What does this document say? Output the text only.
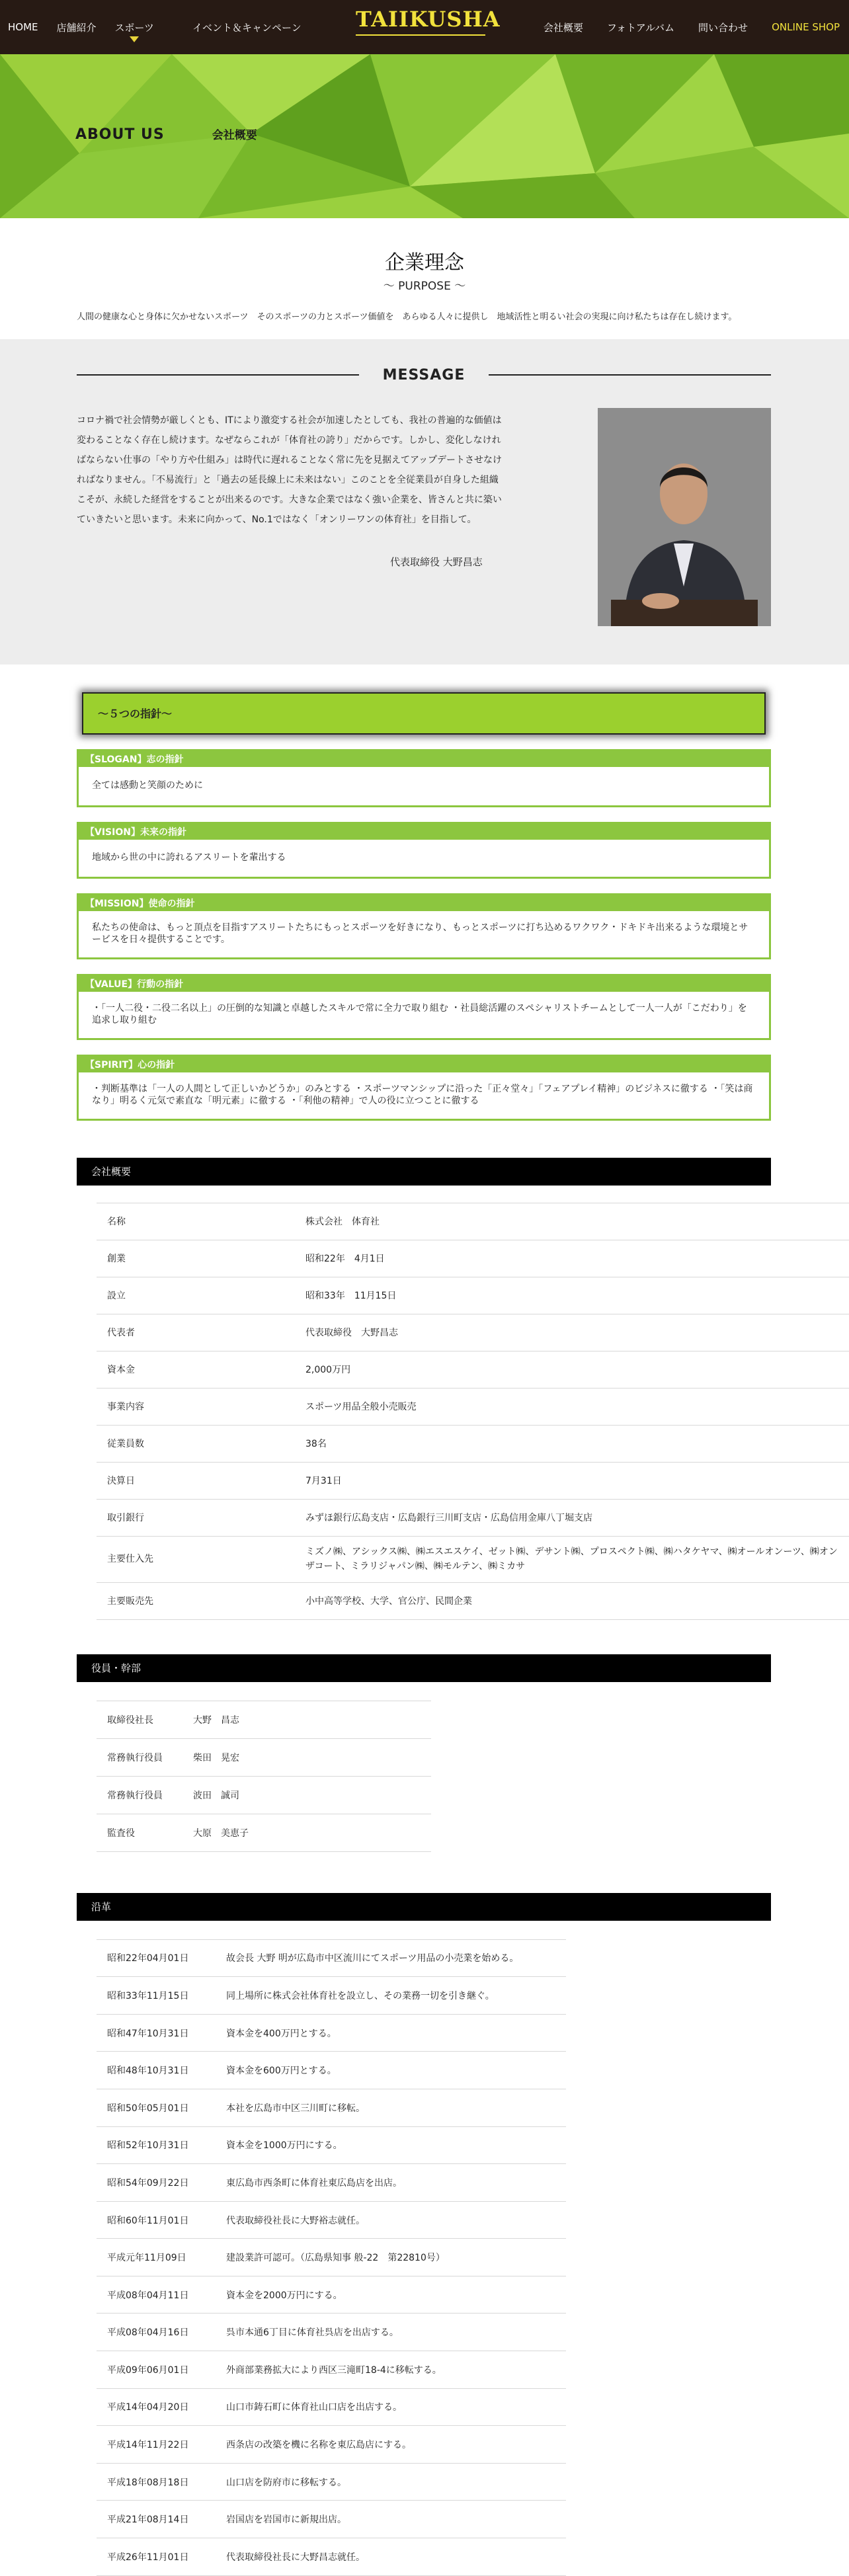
HOME 店舗紹介 スポーツ	イベント＆キャンペーン	TAIIKUSHA	会社概要 フォトアルバム 問い合わせ ONLINE SHOP
ABOUT US	会社概要
企業理念
〜 PURPOSE 〜

人間の健康な心と身体に欠かせないスポーツ　そのスポーツの力とスポーツ価値を　あらゆる人々に提供し　地域活性と明るい社会の実現に向け私たちは存在し続けます。

MESSAGE
コロナ禍で社会情勢が厳しくとも、ITにより激変する社会が加速したとしても、我社の普遍的な価値は変わることなく存在し続けます。なぜならこれが「体育社の誇り」だからです。しかし、変化しなければならない仕事の「やり方や仕組み」は時代に遅れることなく常に先を見据えてアップデートさせなければなりません。「不易流行」と「過去の延長線上に未来はない」このことを全従業員が自身した組織こそが、永続した経営をすることが出来るのです。大きな企業ではなく強い企業を、皆さんと共に築いていきたいと思います。未来に向かって、No.1ではなく「オンリーワンの体育社」を目指して。
代表取締役 大野昌志
〜５つの指針〜
【SLOGAN】志の指針
全ては感動と笑顔のために
【VISION】未来の指針
地域から世の中に誇れるアスリートを輩出する
【MISSION】使命の指針
私たちの使命は、もっと頂点を目指すアスリートたちにもっとスポーツを好きになり、もっとスポーツに打ち込めるワクワク・ドキドキ出来るような環境とサービスを日々提供することです。
【VALUE】行動の指針
・「一人二役・二役二名以上」の圧倒的な知識と卓越したスキルで常に全力で取り組む ・社員総活躍のスペシャリストチームとして一人一人が「こだわり」を追求し取り組む
【SPIRIT】心の指針
・判断基準は「一人の人間として正しいかどうか」のみとする ・スポーツマンシップに沿った「正々堂々」「フェアプレイ精神」のビジネスに徹する ・「笑は商なり」明るく元気で素直な「明元素」に徹する ・「利他の精神」で人の役に立つことに徹する
会社概要
名称	株式会社　体育社
創業	昭和22年　4月1日
設立	昭和33年　11月15日
代表者	代表取締役　大野昌志
資本金	2,000万円
事業内容	スポーツ用品全般小売販売
従業員数	38名
決算日	7月31日
取引銀行	みずほ銀行広島支店・広島銀行三川町支店・広島信用金庫八丁堀支店
主要仕入先	ミズノ㈱、アシックス㈱、㈱エスエスケイ、ゼット㈱、デサント㈱、プロスペクト㈱、㈱ハタケヤマ、㈱オールオンーツ、㈱オンザコート、ミラリジャパン㈱、㈱モルテン、㈱ミカサ
主要販売先	小中高等学校、大学、官公庁、民間企業
役員・幹部
取締役社長	大野　昌志
常務執行役員	柴田　晃宏
常務執行役員	波田　誠司
監査役	大原　美恵子
沿革
昭和22年04月01日	故会長 大野 明が広島市中区流川にてスポーツ用品の小売業を始める。
昭和33年11月15日	同上場所に株式会社体育社を設立し、その業務一切を引き継ぐ。
昭和47年10月31日	資本金を400万円とする。
昭和48年10月31日	資本金を600万円とする。
昭和50年05月01日	本社を広島市中区三川町に移転。
昭和52年10月31日	資本金を1000万円にする。
昭和54年09月22日	東広島市西条町に体育社東広島店を出店。
昭和60年11月01日	代表取締役社長に大野裕志就任。
平成元年11月09日	建設業許可認可。（広島県知事 般-22　第22810号）
平成08年04月11日	資本金を2000万円にする。
平成08年04月16日	呉市本通6丁目に体育社呉店を出店する。
平成09年06月01日	外商部業務拡大により西区三滝町18-4に移転する。
平成14年04月20日	山口市鋳石町に体育社山口店を出店する。
平成14年11月22日	西条店の改築を機に名称を東広島店にする。
平成18年08月18日	山口店を防府市に移転する。
平成21年08月14日	岩国店を岩国市に新規出店。
平成26年11月01日	代表取締役社長に大野昌志就任。
